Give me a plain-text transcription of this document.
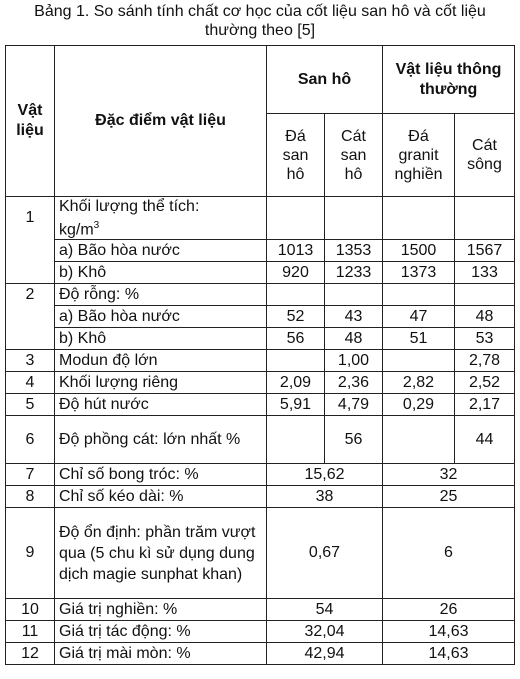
Bảng 1. So sánh tính chất cơ học của cốt liệu san hô và cốt liệu
thường theo [5]
Vật liệu	Đặc điểm vật liệu	San hô		Vật liệu thông thường	
		Đá san hô	Cát san hô	Đá granit nghiền	Cát sông
1	Khối lượng thể tích:
$kg/m^3$				
	a) Bão hòa nước	1013	1353	1500	1567
	b) Khô	920	1233	1373	133
2	Độ rỗng: %				
	a) Bão hòa nước	52	43	47	48
	b) Khô	56	48	51	53
3	Modun độ lớn		1,00		2,78
4	Khối lượng riêng	2,09	2,36	2,82	2,52
5	Độ hút nước	5,91	4,79	0,29	2,17
6	Độ phồng cát: lớn nhất %		56		44
7	Chỉ số bong tróc: %	15,62		32	
8	Chỉ số kéo dài: %	38		25	
9	Độ ổn định: phần trăm vượt qua (5 chu kì sử dụng dung dịch magie sunphat khan)	0,67		6	
10	Giá trị nghiền: %	54		26	
11	Giá trị tác động: %	32,04		14,63	
12	Giá trị mài mòn: %	42,94		14,63	
